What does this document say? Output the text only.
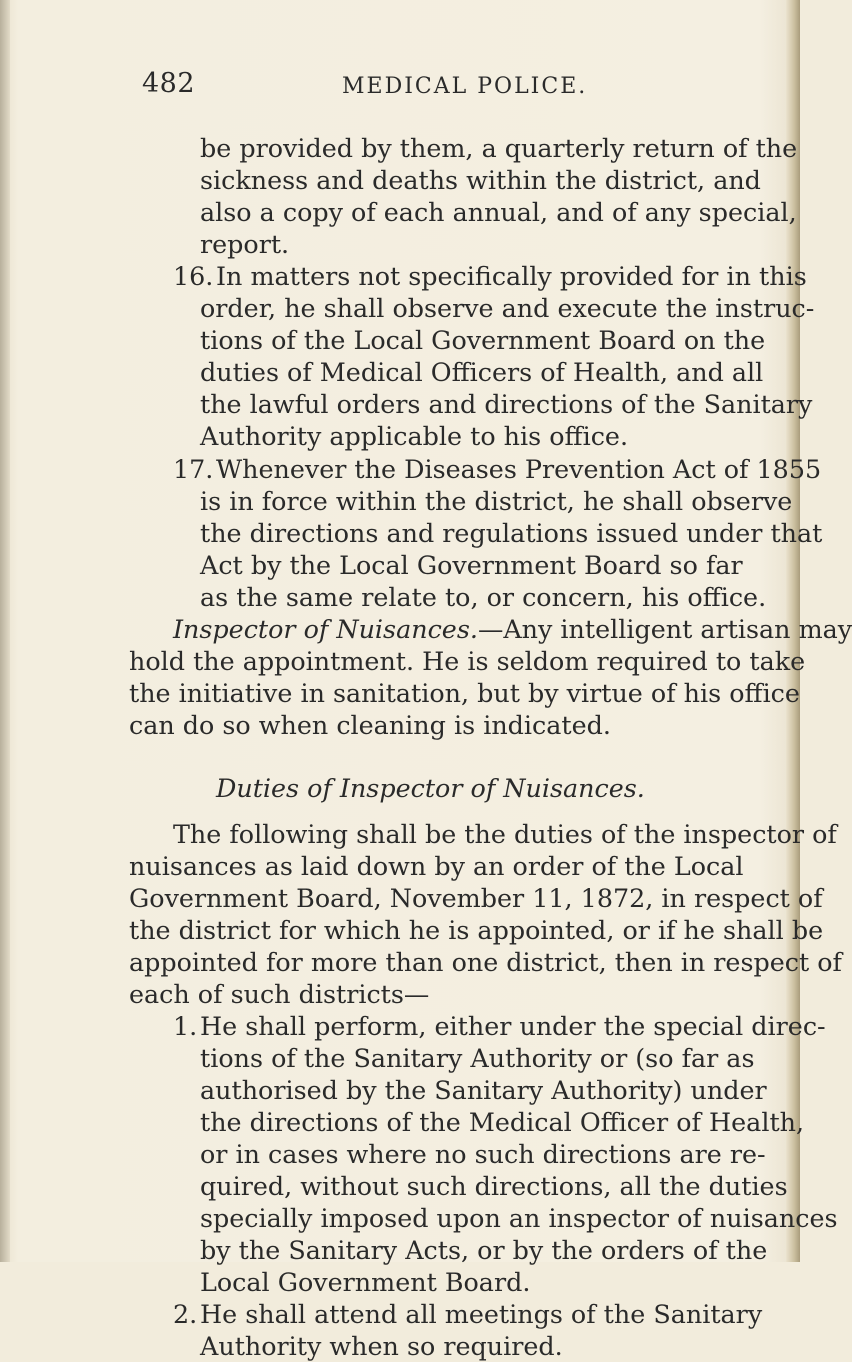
482	MEDICAL POLICE.
be provided by them, a quarterly return of the
sickness and deaths within the district, and
also a copy of each annual, and of any special,
report.
16. In matters not specifically provided for in this
order, he shall observe and execute the instruc-
tions of the Local Government Board on the
duties of Medical Officers of Health, and all
the lawful orders and directions of the Sanitary
Authority applicable to his office.
17. Whenever the Diseases Prevention Act of 1855
is in force within the district, he shall observe
the directions and regulations issued under that
Act by the Local Government Board so far
as the same relate to, or concern, his office.
Inspector of Nuisances.—Any intelligent artisan may
hold the appointment. He is seldom required to take
the initiative in sanitation, but by virtue of his office
can do so when cleaning is indicated.
Duties of Inspector of Nuisances.
The following shall be the duties of the inspector of
nuisances as laid down by an order of the Local
Government Board, November 11, 1872, in respect of
the district for which he is appointed, or if he shall be
appointed for more than one district, then in respect of
each of such districts—
1. He shall perform, either under the special direc-
tions of the Sanitary Authority or (so far as
authorised by the Sanitary Authority) under
the directions of the Medical Officer of Health,
or in cases where no such directions are re-
quired, without such directions, all the duties
specially imposed upon an inspector of nuisances
by the Sanitary Acts, or by the orders of the
Local Government Board.
2. He shall attend all meetings of the Sanitary
Authority when so required.
